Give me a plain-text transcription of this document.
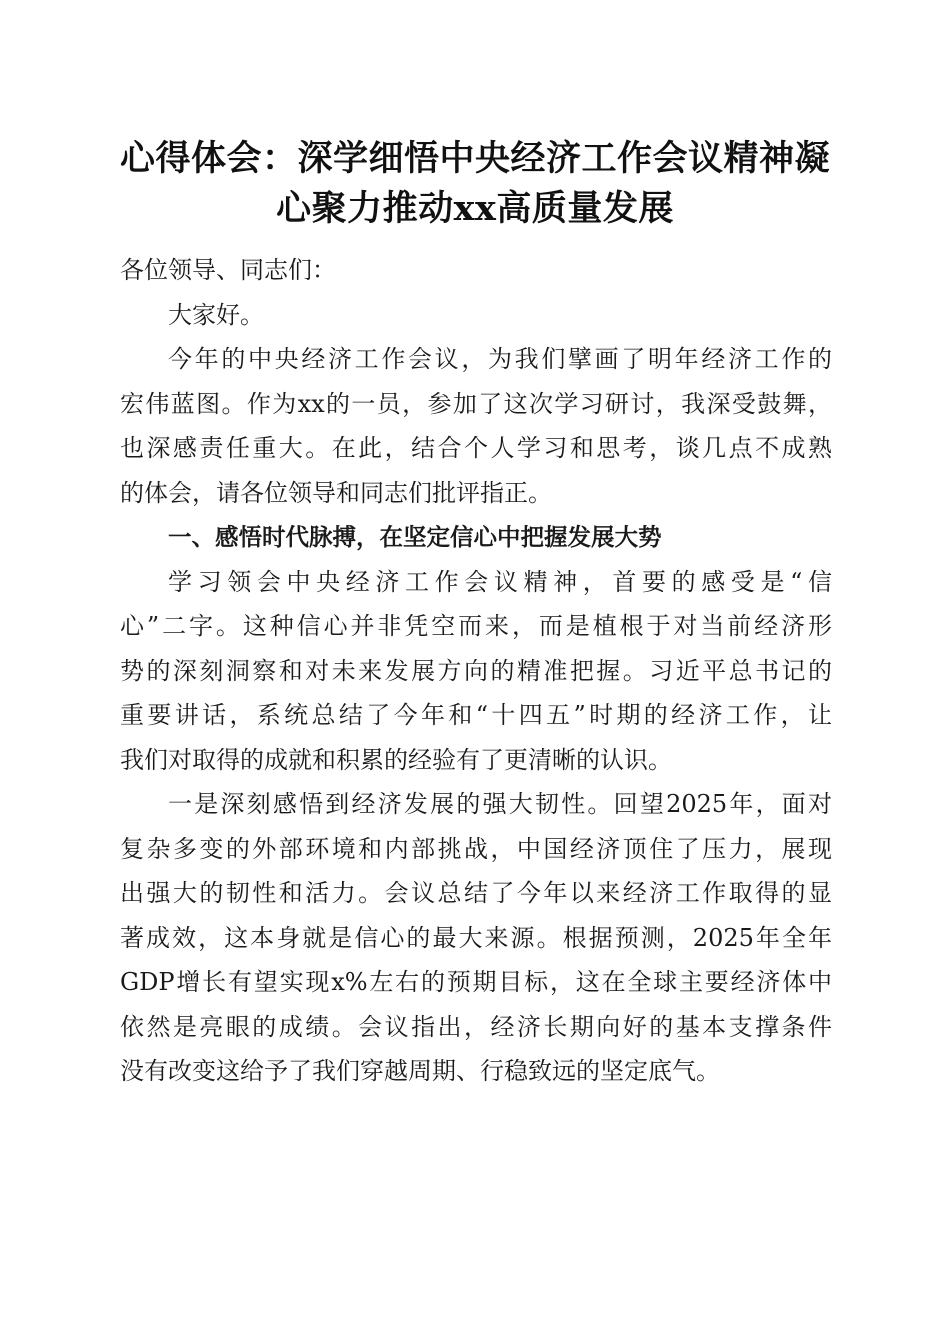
心得体会：深学细悟中央经济工作会议精神凝
心聚力推动xx高质量发展
各位领导、同志们：
大家好。
今年的中央经济工作会议，为我们擘画了明年经济工作的
宏伟蓝图。作为xx的一员，参加了这次学习研讨，我深受鼓舞，
也深感责任重大。在此，结合个人学习和思考，谈几点不成熟
的体会，请各位领导和同志们批评指正。
一、感悟时代脉搏，在坚定信心中把握发展大势
学习领会中央经济工作会议精神，首要的感受是“信
心”二字。这种信心并非凭空而来，而是植根于对当前经济形
势的深刻洞察和对未来发展方向的精准把握。习近平总书记的
重要讲话，系统总结了今年和“十四五”时期的经济工作，让
我们对取得的成就和积累的经验有了更清晰的认识。
一是深刻感悟到经济发展的强大韧性。回望2025年，面对
复杂多变的外部环境和内部挑战，中国经济顶住了压力，展现
出强大的韧性和活力。会议总结了今年以来经济工作取得的显
著成效，这本身就是信心的最大来源。根据预测，2025年全年
GDP增长有望实现x%左右的预期目标，这在全球主要经济体中
依然是亮眼的成绩。会议指出，经济长期向好的基本支撑条件
没有改变这给予了我们穿越周期、行稳致远的坚定底气。
